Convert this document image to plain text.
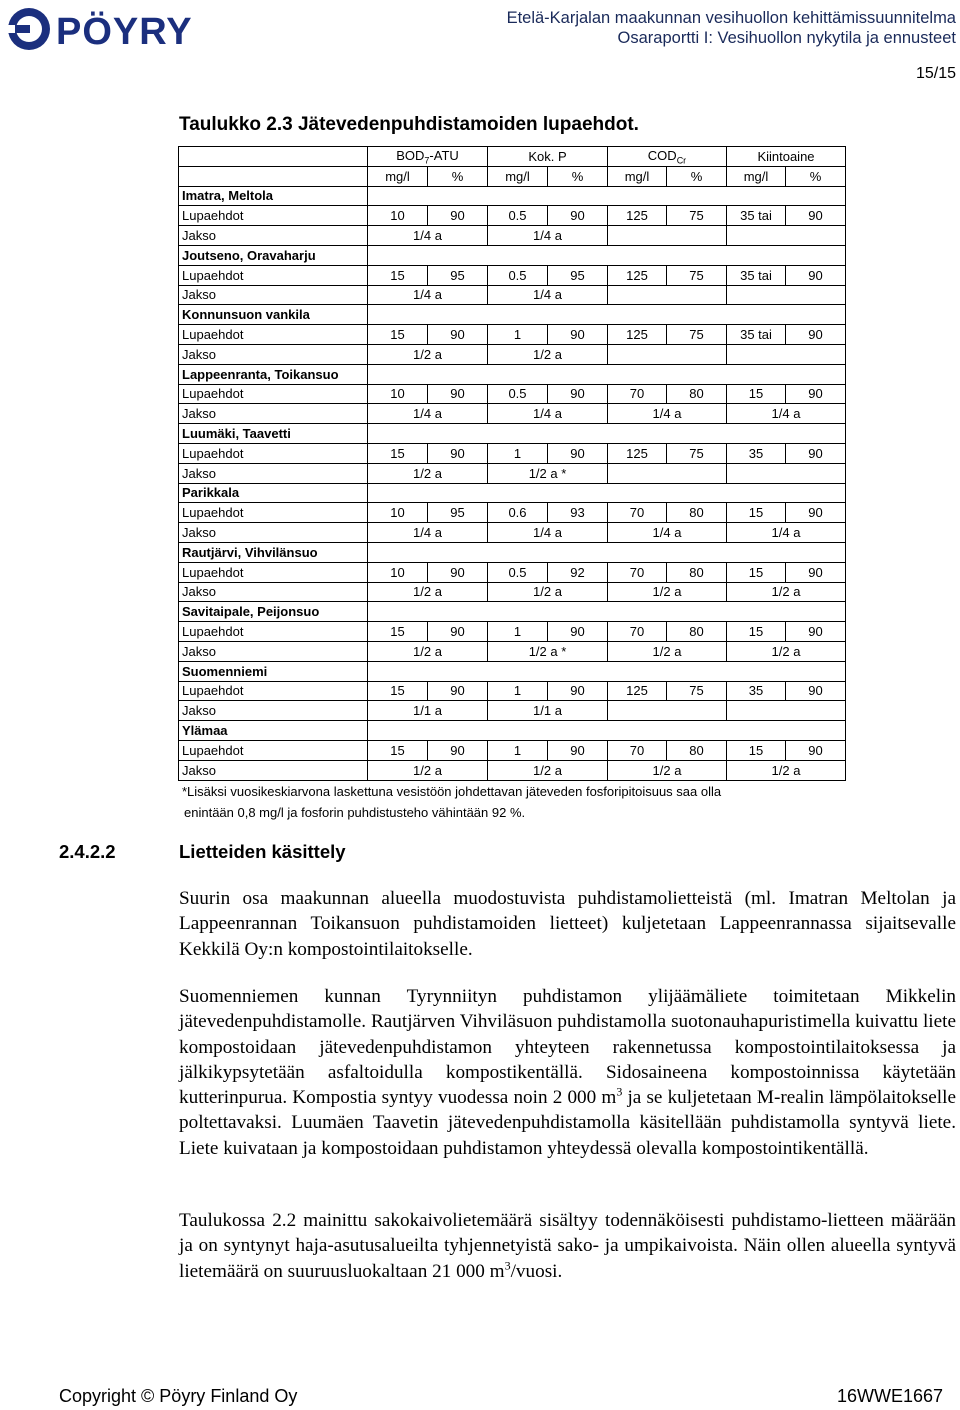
PÖYRY	Etelä-Karjalan maakunnan vesihuollon kehittämissuunnitelma
Osaraportti I: Vesihuollon nykytila ja ennusteet
15/15
Taulukko 2.3 Jätevedenpuhdistamoiden lupaehdot.
	$BOD_7$-ATU		Kok. P		$COD_{Cr}$		Kiintoaine	
	mg/l	%	mg/l	%	mg/l	%	mg/l	%
Imatra, Meltola								
Lupaehdot	10	90	0.5	90	125	75	35 tai	90
Jakso	1/4 a		1/4 a					
Joutseno, Oravaharju								
Lupaehdot	15	95	0.5	95	125	75	35 tai	90
Jakso	1/4 a		1/4 a					
Konnunsuon vankila								
Lupaehdot	15	90	1	90	125	75	35 tai	90
Jakso	1/2 a		1/2 a					
Lappeenranta, Toikansuo								
Lupaehdot	10	90	0.5	90	70	80	15	90
Jakso	1/4 a		1/4 a		1/4 a		1/4 a	
Luumäki, Taavetti								
Lupaehdot	15	90	1	90	125	75	35	90
Jakso	1/2 a		1/2 a *					
Parikkala								
Lupaehdot	10	95	0.6	93	70	80	15	90
Jakso	1/4 a		1/4 a		1/4 a		1/4 a	
Rautjärvi, Vihvilänsuo								
Lupaehdot	10	90	0.5	92	70	80	15	90
Jakso	1/2 a		1/2 a		1/2 a		1/2 a	
Savitaipale, Peijonsuo								
Lupaehdot	15	90	1	90	70	80	15	90
Jakso	1/2 a		1/2 a *		1/2 a		1/2 a	
Suomenniemi								
Lupaehdot	15	90	1	90	125	75	35	90
Jakso	1/1 a		1/1 a					
Ylämaa								
Lupaehdot	15	90	1	90	70	80	15	90
Jakso	1/2 a		1/2 a		1/2 a		1/2 a	
*Lisäksi vuosikeskiarvona laskettuna vesistöön johdettavan jäteveden fosforipitoisuus saa olla
enintään 0,8 mg/l ja fosforin puhdistusteho vähintään 92 %.
2.4.2.2	Lietteiden käsittely
Suurin osa maakunnan alueella muodostuvista puhdistamolietteistä (ml. Imatran Meltolan ja Lappeenrannan Toikansuon puhdistamoiden lietteet) kuljetetaan Lappeenrannassa sijaitsevalle Kekkilä Oy:n kompostointilaitokselle.
Suomenniemen kunnan Tyrynniityn puhdistamon ylijäämäliete toimitetaan Mikkelin jätevedenpuhdistamolle. Rautjärven Vihviläsuon puhdistamolla suotonauhapuristimella kuivattu liete kompostoidaan jätevedenpuhdistamon yhteyteen rakennetussa kompostointilaitoksessa ja jälkikypsytetään asfaltoidulla kompostikentällä. Sidosaineena kompostoinnissa käytetään kutterinpurua. Kompostia syntyy vuodessa noin 2 000 $m^3$ ja se kuljetetaan M-realin lämpölaitokselle poltettavaksi. Luumäen Taavetin jätevedenpuhdistamolla käsitellään puhdistamolla syntyvä liete. Liete kuivataan ja kompostoidaan puhdistamon yhteydessä olevalla kompostointikentällä.
Taulukossa 2.2 mainittu sakokaivolietemäärä sisältyy todennäköisesti puhdistamo-lietteen määrään ja on syntynyt haja-asutusalueilta tyhjennetyistä sako- ja umpikaivoista. Näin ollen alueella syntyvä lietemäärä on suuruusluokaltaan 21 000 $m^3$/vuosi.
Copyright © Pöyry Finland Oy	16WWE1667
